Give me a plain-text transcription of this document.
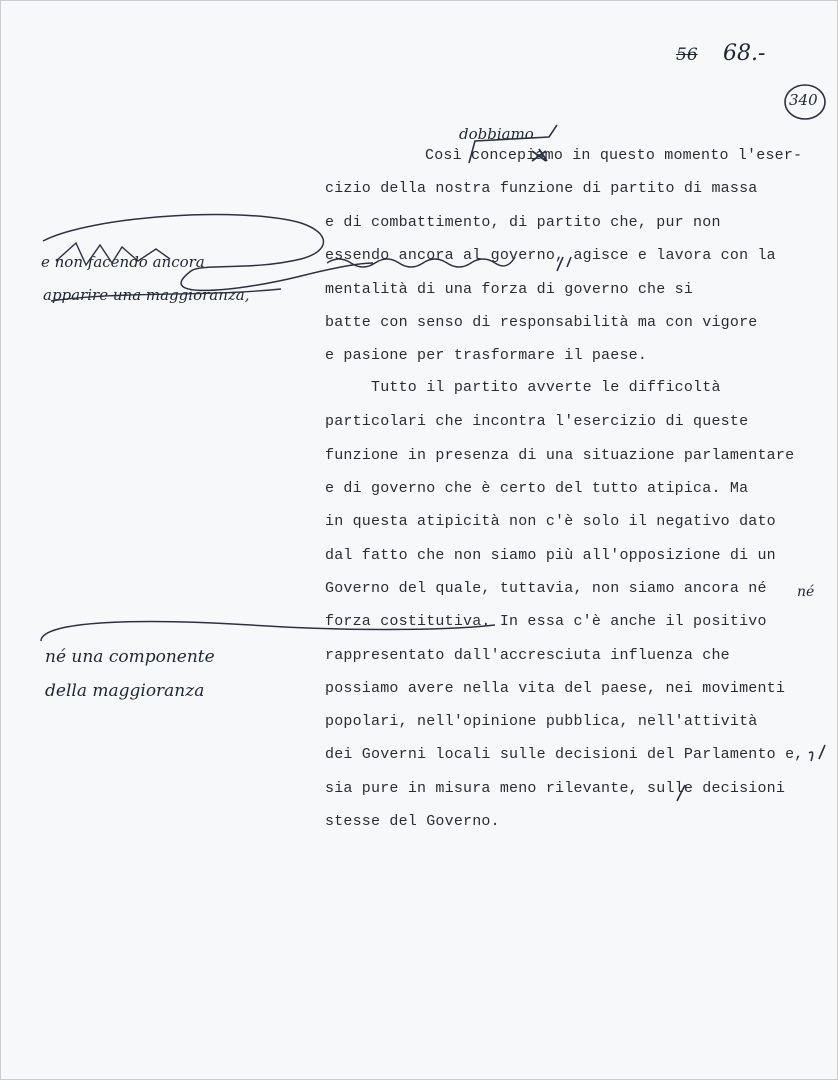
56 68.-
340
dobbiamo
Così concepiamo in questo momento l'eser-
cizio della nostra funzione di partito di massa
e di combattimento, di partito che, pur non
essendo ancora al governo, agisce e lavora con la
mentalità di una forza di governo che si
batte con senso di responsabilità ma con vigore
e pasione per trasformare il paese.
Tutto il partito avverte le difficoltà
particolari che incontra l'esercizio di queste
funzione in presenza di una situazione parlamentare
e di governo che è certo del tutto atipica. Ma
in questa atipicità non c'è solo il negativo dato
dal fatto che non siamo più all'opposizione di un
Governo del quale, tuttavia, non siamo ancora né
forza costitutiva. In essa c'è anche il positivo
rappresentato dall'accresciuta influenza che
possiamo avere nella vita del paese, nei movimenti
popolari, nell'opinione pubblica, nell'attività
dei Governi locali sulle decisioni del Parlamento e,
sia pure in misura meno rilevante, sulle decisioni
stesse del Governo.
e non facendo ancora
apparire una maggioranza,
né una componente
della maggioranza
né
